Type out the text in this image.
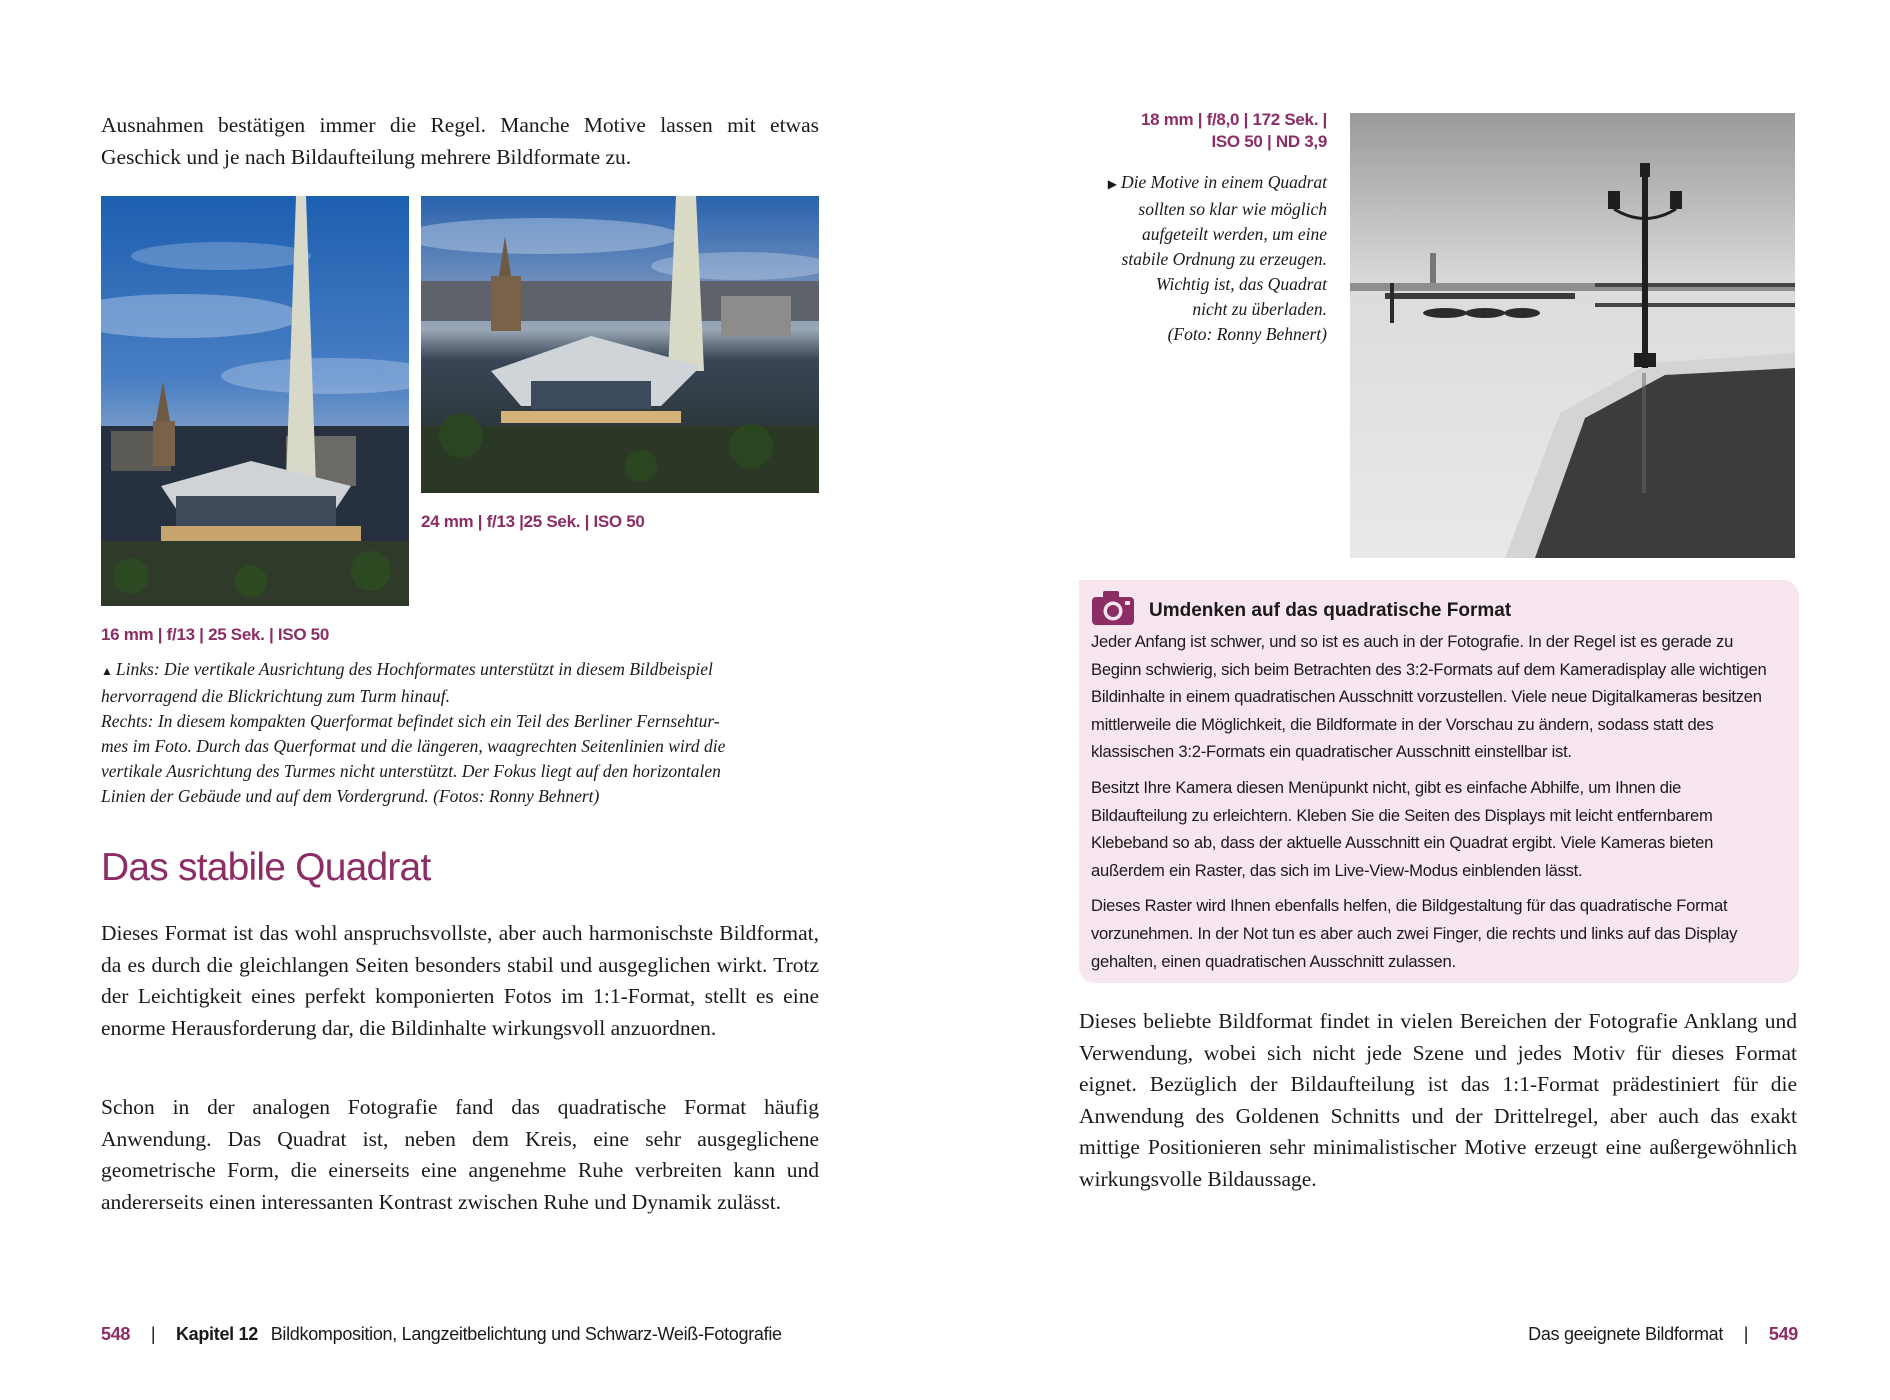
Ausnahmen bestätigen immer die Regel. Manche Motive lassen mit etwas Geschick und je nach Bildaufteilung mehrere Bildformate zu.

24 mm | f/13 |25 Sek. | ISO 50
16 mm | f/13 | 25 Sek. | ISO 50

▲ Links: Die vertikale Ausrichtung des Hochformates unterstützt in diesem Bildbeispiel

hervorragend die Blickrichtung zum Turm hinauf.

Rechts: In diesem kompakten Querformat befindet sich ein Teil des Berliner Fernsehtur-

mes im Foto. Durch das Querformat und die längeren, waagrechten Seitenlinien wird die

vertikale Ausrichtung des Turmes nicht unterstützt. Der Fokus liegt auf den horizontalen

Linien der Gebäude und auf dem Vordergrund. (Fotos: Ronny Behnert)

Das stabile Quadrat

Dieses Format ist das wohl anspruchsvollste, aber auch harmonischste Bildformat, da es durch die gleichlangen Seiten besonders stabil und ausgeglichen wirkt. Trotz der Leichtigkeit eines perfekt komponierten Fotos im 1:1-Format, stellt es eine enorme Herausforderung dar, die Bildinhalte wirkungsvoll anzuordnen.

Schon in der analogen Fotografie fand das quadratische Format häufig Anwendung. Das Quadrat ist, neben dem Kreis, eine sehr ausgeglichene geometrische Form, die einerseits eine angenehme Ruhe verbreiten kann und andererseits einen interessanten Kontrast zwischen Ruhe und Dynamik zulässt.

18 mm | f/8,0 | 172 Sek. |
ISO 50 | ND 3,9

▶ Die Motive in einem Quadrat

sollten so klar wie möglich

aufgeteilt werden, um eine

stabile Ordnung zu erzeugen.

Wichtig ist, das Quadrat

nicht zu überladen.

(Foto: Ronny Behnert)

Umdenken auf das quadratische Format

Jeder Anfang ist schwer, und so ist es auch in der Fotografie. In der Regel ist es gerade zu Beginn schwierig, sich beim Betrachten des 3:2-Formats auf dem Kameradisplay alle wichtigen Bildinhalte in einem quadratischen Ausschnitt vorzustellen. Viele neue Digitalkameras besitzen mittlerweile die Möglichkeit, die Bildformate in der Vorschau zu ändern, sodass statt des klassischen 3:2-Formats ein quadratischer Ausschnitt einstellbar ist.

Besitzt Ihre Kamera diesen Menüpunkt nicht, gibt es einfache Abhilfe, um Ihnen die Bildaufteilung zu erleichtern. Kleben Sie die Seiten des Displays mit leicht entfernbarem Klebeband so ab, dass der aktuelle Ausschnitt ein Quadrat ergibt. Viele Kameras bieten außerdem ein Raster, das sich im Live-View-Modus einblenden lässt.

Dieses Raster wird Ihnen ebenfalls helfen, die Bildgestaltung für das quadratische Format vorzunehmen. In der Not tun es aber auch zwei Finger, die rechts und links auf das Display gehalten, einen quadratischen Ausschnitt zulassen.

Dieses beliebte Bildformat findet in vielen Bereichen der Fotografie Anklang und Verwendung, wobei sich nicht jede Szene und jedes Motiv für dieses Format eignet. Bezüglich der Bildaufteilung ist das 1:1-Format prädestiniert für die Anwendung des Goldenen Schnitts und der Drittelregel, aber auch das exakt mittige Positionieren sehr minimalistischer Motive erzeugt eine außergewöhnlich wirkungsvolle Bildaussage.

548 | Kapitel 12 Bildkomposition, Langzeitbelichtung und Schwarz-Weiß-Fotografie	Das geeignete Bildformat | 549
